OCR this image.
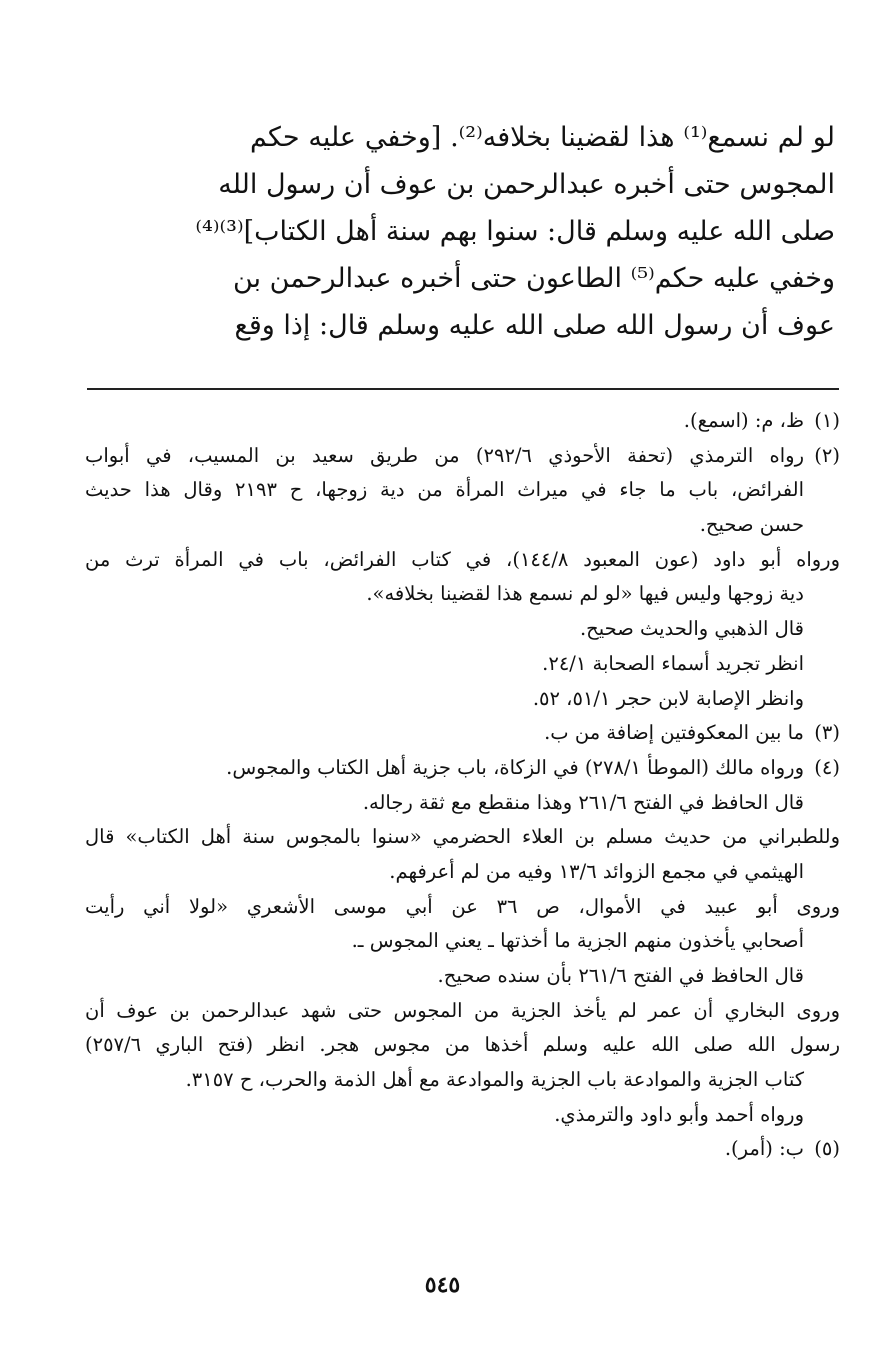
لو لم نسمع⁽¹⁾ هذا لقضينا بخلافه⁽²⁾. [وخفي عليه حكم
المجوس حتى أخبره عبدالرحمن بن عوف أن رسول الله
صلى الله عليه وسلم قال: سنوا بهم سنة أهل الكتاب]⁽³⁾⁽⁴⁾
وخفي عليه حكم⁽⁵⁾ الطاعون حتى أخبره عبدالرحمن بن
عوف أن رسول الله صلى الله عليه وسلم قال: إذا وقع
(١)
ظ، م: (اسمع).
(٢)
رواه الترمذي (تحفة الأحوذي ٢٩٢/٦) من طريق سعيد بن المسيب، في أبواب
الفرائض، باب ما جاء في ميراث المرأة من دية زوجها، ح ٢١٩٣ وقال هذا حديث
حسن صحيح.
ورواه أبو داود (عون المعبود ١٤٤/٨)، في كتاب الفرائض، باب في المرأة ترث من
دية زوجها وليس فيها «لو لم نسمع هذا لقضينا بخلافه».
قال الذهبي والحديث صحيح.
انظر تجريد أسماء الصحابة ٢٤/١.
وانظر الإصابة لابن حجر ٥١/١، ٥٢.
(٣)
ما بين المعكوفتين إضافة من ب.
(٤)
ورواه مالك (الموطأ ٢٧٨/١) في الزكاة، باب جزية أهل الكتاب والمجوس.
قال الحافظ في الفتح ٢٦١/٦ وهذا منقطع مع ثقة رجاله.
وللطبراني من حديث مسلم بن العلاء الحضرمي «سنوا بالمجوس سنة أهل الكتاب» قال
الهيثمي في مجمع الزوائد ١٣/٦ وفيه من لم أعرفهم.
وروى أبو عبيد في الأموال، ص ٣٦ عن أبي موسى الأشعري «لولا أني رأيت
أصحابي يأخذون منهم الجزية ما أخذتها ـ يعني المجوس ـ.
قال الحافظ في الفتح ٢٦١/٦ بأن سنده صحيح.
وروى البخاري أن عمر لم يأخذ الجزية من المجوس حتى شهد عبدالرحمن بن عوف أن
رسول الله صلى الله عليه وسلم أخذها من مجوس هجر. انظر (فتح الباري ٢٥٧/٦)
كتاب الجزية والموادعة باب الجزية والموادعة مع أهل الذمة والحرب، ح ٣١٥٧.
ورواه أحمد وأبو داود والترمذي.
(٥)
ب: (أمر).
٥٤٥
